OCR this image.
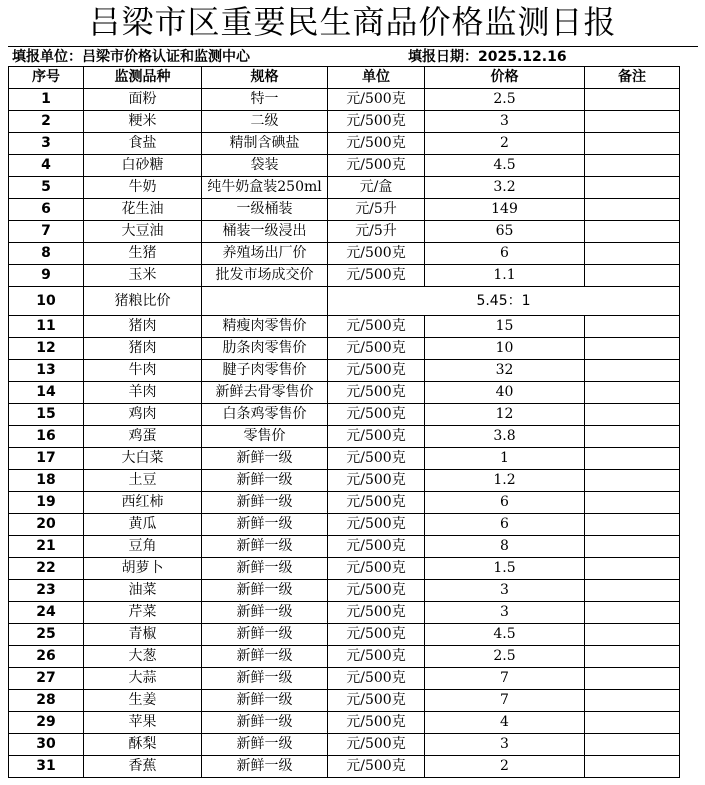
吕梁市区重要民生商品价格监测日报
填报单位：吕梁市价格认证和监测中心	填报日期：2025.12.16
序号	监测品种	规格	单位	价格	备注
1	面粉	特一	元/500克	2.5	
2	粳米	二级	元/500克	3	
3	食盐	精制含碘盐	元/500克	2	
4	白砂糖	袋装	元/500克	4.5	
5	牛奶	纯牛奶盒装250ml	元/盒	3.2	
6	花生油	一级桶装	元/5升	149	
7	大豆油	桶装一级浸出	元/5升	65	
8	生猪	养殖场出厂价	元/500克	6	
9	玉米	批发市场成交价	元/500克	1.1	
10	猪粮比价		5.45：1		
11	猪肉	精瘦肉零售价	元/500克	15	
12	猪肉	肋条肉零售价	元/500克	10	
13	牛肉	腱子肉零售价	元/500克	32	
14	羊肉	新鲜去骨零售价	元/500克	40	
15	鸡肉	白条鸡零售价	元/500克	12	
16	鸡蛋	零售价	元/500克	3.8	
17	大白菜	新鲜一级	元/500克	1	
18	土豆	新鲜一级	元/500克	1.2	
19	西红柿	新鲜一级	元/500克	6	
20	黄瓜	新鲜一级	元/500克	6	
21	豆角	新鲜一级	元/500克	8	
22	胡萝卜	新鲜一级	元/500克	1.5	
23	油菜	新鲜一级	元/500克	3	
24	芹菜	新鲜一级	元/500克	3	
25	青椒	新鲜一级	元/500克	4.5	
26	大葱	新鲜一级	元/500克	2.5	
27	大蒜	新鲜一级	元/500克	7	
28	生姜	新鲜一级	元/500克	7	
29	苹果	新鲜一级	元/500克	4	
30	酥梨	新鲜一级	元/500克	3	
31	香蕉	新鲜一级	元/500克	2	
